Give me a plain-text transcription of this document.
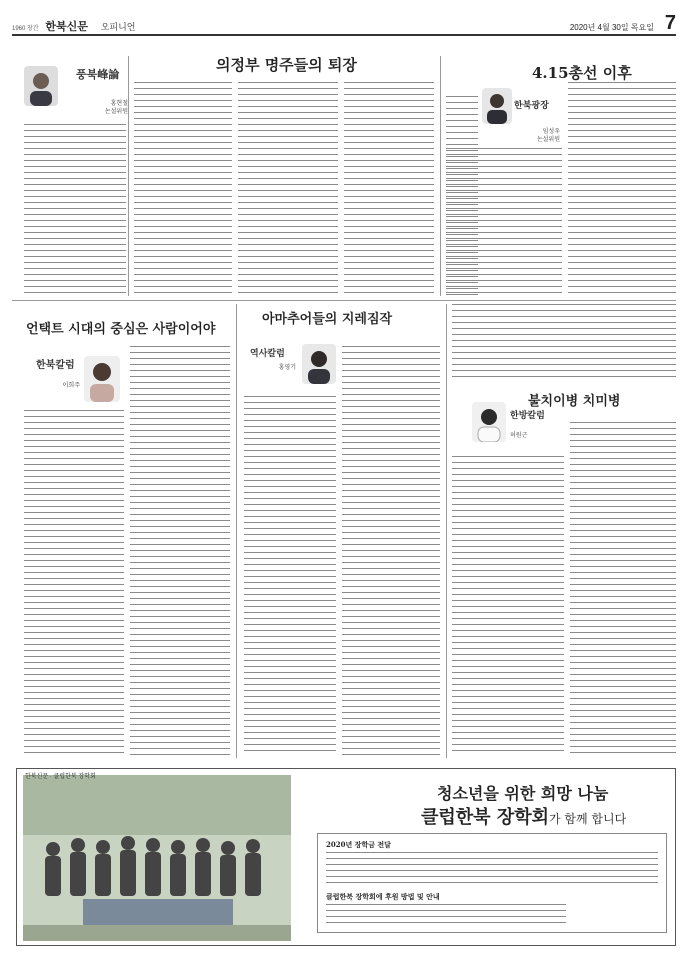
1960 창간 한북신문 오피니언	2020년 4월 30일 목요일 7
풍북峰論
홍현철
논설위원
의정부 명주들의 퇴장	4.15총선 이후
한북광장
임성우
논설위원
언택트 시대의 중심은 사람이어야
한북칼럼
이희주
아마추어들의 지레짐작
역사칼럼
홍영기
불치이병 치미병
한방칼럼
허원근
한북신문 · 클럽한북 장학회
청소년을 위한 희망 나눔
클럽한북 장학회가 함께 합니다
2020년 장학금 전달
클럽한북 장학회에 후원 방법 및 안내
